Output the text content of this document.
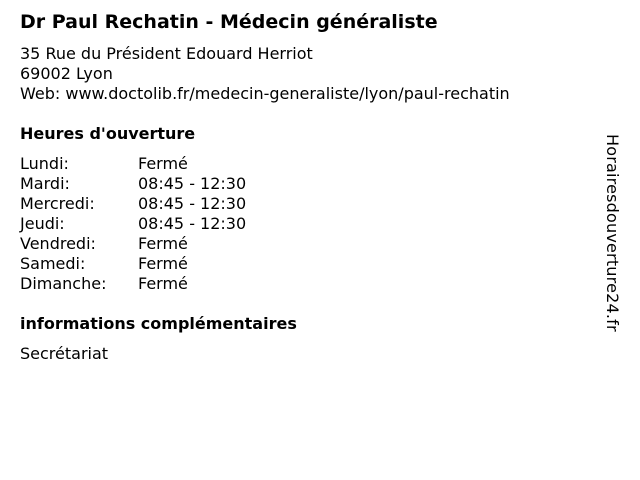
Dr Paul Rechatin - Médecin généraliste
35 Rue du Président Edouard Herriot
69002 Lyon
Web: www.doctolib.fr/medecin-generaliste/lyon/paul-rechatin
Heures d'ouverture
Lundi:	Fermé
Mardi:	08:45 - 12:30
Mercredi:	08:45 - 12:30
Jeudi:	08:45 - 12:30
Vendredi:	Fermé
Samedi:	Fermé
Dimanche: Fermé
informations complémentaires
Secrétariat
Horairesdouverture24.fr
